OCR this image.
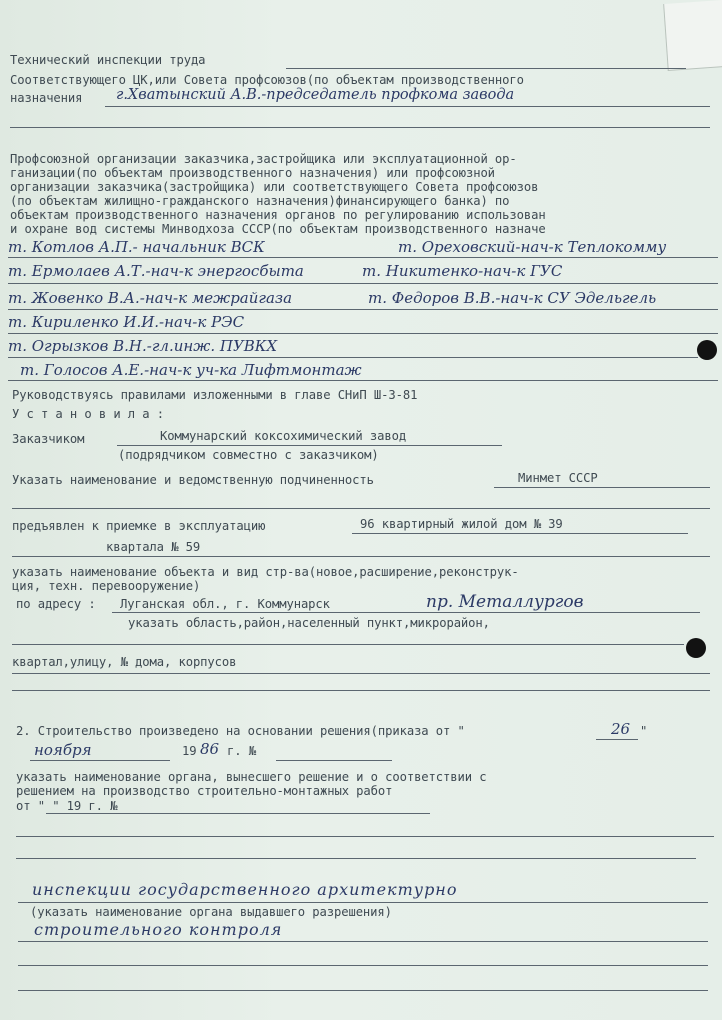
Технический инспекции труда
Соответствующего ЦК,или Совета профсоюзов(по объектам производственного
назначения г.Хватынский А.В.-председатель профкома завода
Профсоюзной организации заказчика,застройщика или эксплуатационной ор-
ганизации(по объектам производственного назначения) или профсоюзной
организации заказчика(застройщика) или соответствующего Совета профсоюзов
(по объектам жилищно-гражданского назначения)финансирующего банка) по
объектам производственного назначения органов по регулированию использован
и охране вод системы Минводхоза СССР(по объектам производственного назначе
т. Котлов А.П.- начальник ВСК	т. Ореховский-нач-к Теплокомму
т. Ермолаев А.Т.-нач-к энергосбыта	т. Никитенко-нач-к ГУС
т. Жовенко В.А.-нач-к межрайгаза	т. Федоров В.В.-нач-к СУ Эдельгель
т. Кириленко И.И.-нач-к РЭС
т. Огрызков В.Н.-гл.инж. ПУВКХ
т. Голосов А.Е.-нач-к уч-ка Лифтмонтаж
Руководствуясь правилами изложенными в главе СНиП Ш-3-81
У с т а н о в и л а :
Заказчиком	Коммунарский коксохимический завод
(подрядчиком совместно с заказчиком)
Указать наименование и ведомственную подчиненность	Минмет СССР
предъявлен к приемке в эксплуатацию	96 квартирный жилой дом № 39
квартала № 59
указать наименование объекта и вид стр-ва(новое,расширение,реконструк-
ция, техн. перевооружение)
по адресу : Луганская обл., г. Коммунарск	пр. Металлургов
указать область,район,населенный пункт,микрорайон,
квартал,улицу, № дома, корпусов
2. Строительство произведено на основании решения(приказа от "	26 "
ноября	19 86 г. №
указать наименование органа, вынесшего решение и о соответствии с
решением на производство строительно-монтажных работ
от " " 19 г. №
инспекции государственного архитектурно
(указать наименование органа выдавшего разрешения)
строительного контроля
